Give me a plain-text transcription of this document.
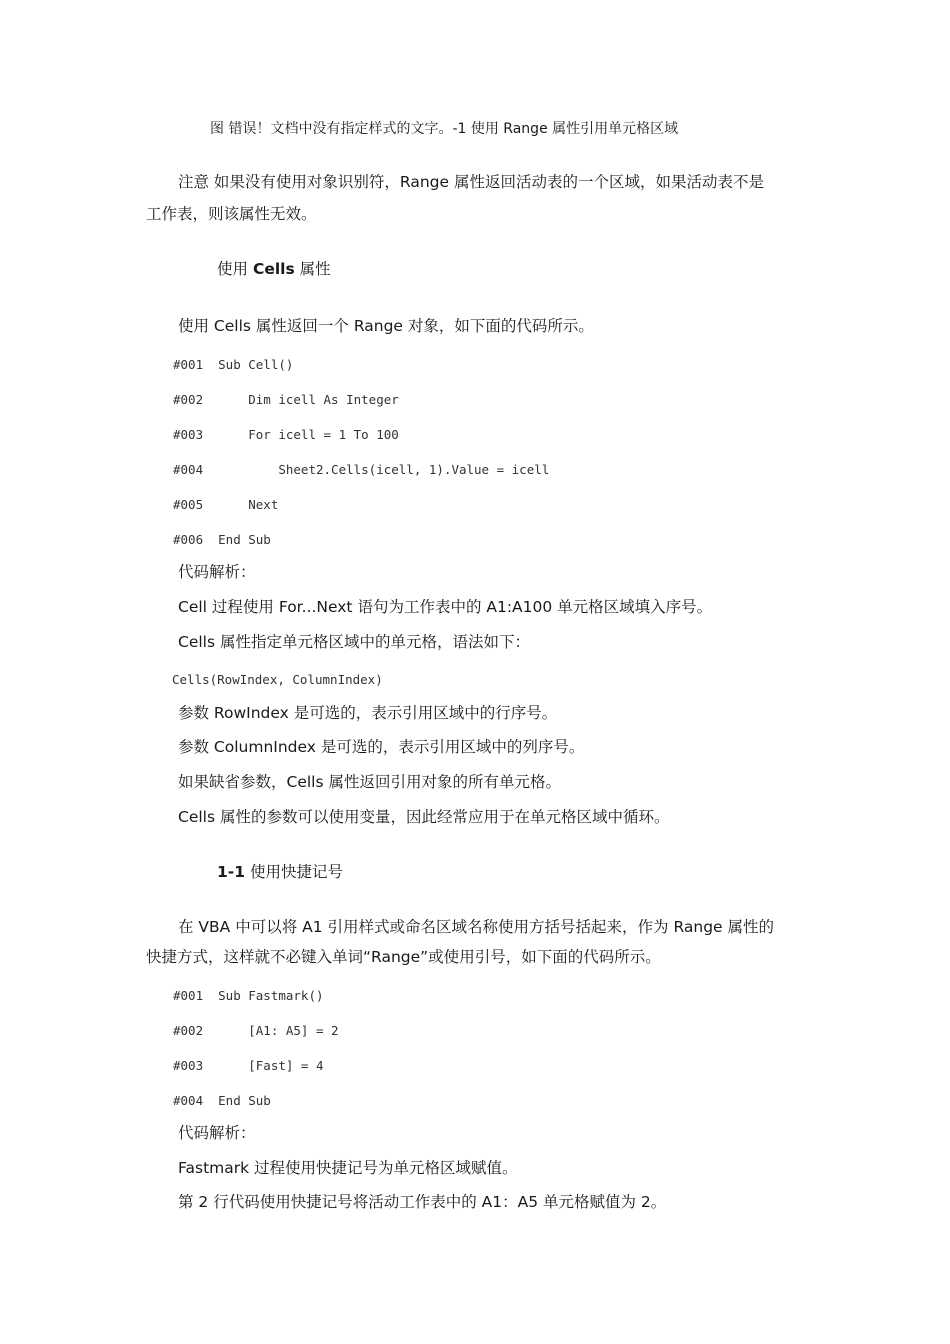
图 错误！文档中没有指定样式的文字。-1 使用 Range 属性引用单元格区域
注意 如果没有使用对象识别符，Range 属性返回活动表的一个区域，如果活动表不是
工作表，则该属性无效。
使用 Cells 属性
使用 Cells 属性返回一个 Range 对象，如下面的代码所示。
#001  Sub Cell()
#002      Dim icell As Integer
#003      For icell = 1 To 100
#004          Sheet2.Cells(icell, 1).Value = icell
#005      Next
#006  End Sub
代码解析：
Cell 过程使用 For...Next 语句为工作表中的 A1:A100 单元格区域填入序号。
Cells 属性指定单元格区域中的单元格，语法如下：
Cells(RowIndex, ColumnIndex)
参数 RowIndex 是可选的，表示引用区域中的行序号。
参数 ColumnIndex 是可选的，表示引用区域中的列序号。
如果缺省参数，Cells 属性返回引用对象的所有单元格。
Cells 属性的参数可以使用变量，因此经常应用于在单元格区域中循环。
1-1 使用快捷记号
在 VBA 中可以将 A1 引用样式或命名区域名称使用方括号括起来，作为 Range 属性的
快捷方式，这样就不必键入单词“Range”或使用引号，如下面的代码所示。
#001  Sub Fastmark()
#002      [A1: A5] = 2
#003      [Fast] = 4
#004  End Sub
代码解析：
Fastmark 过程使用快捷记号为单元格区域赋值。
第 2 行代码使用快捷记号将活动工作表中的 A1：A5 单元格赋值为 2。
